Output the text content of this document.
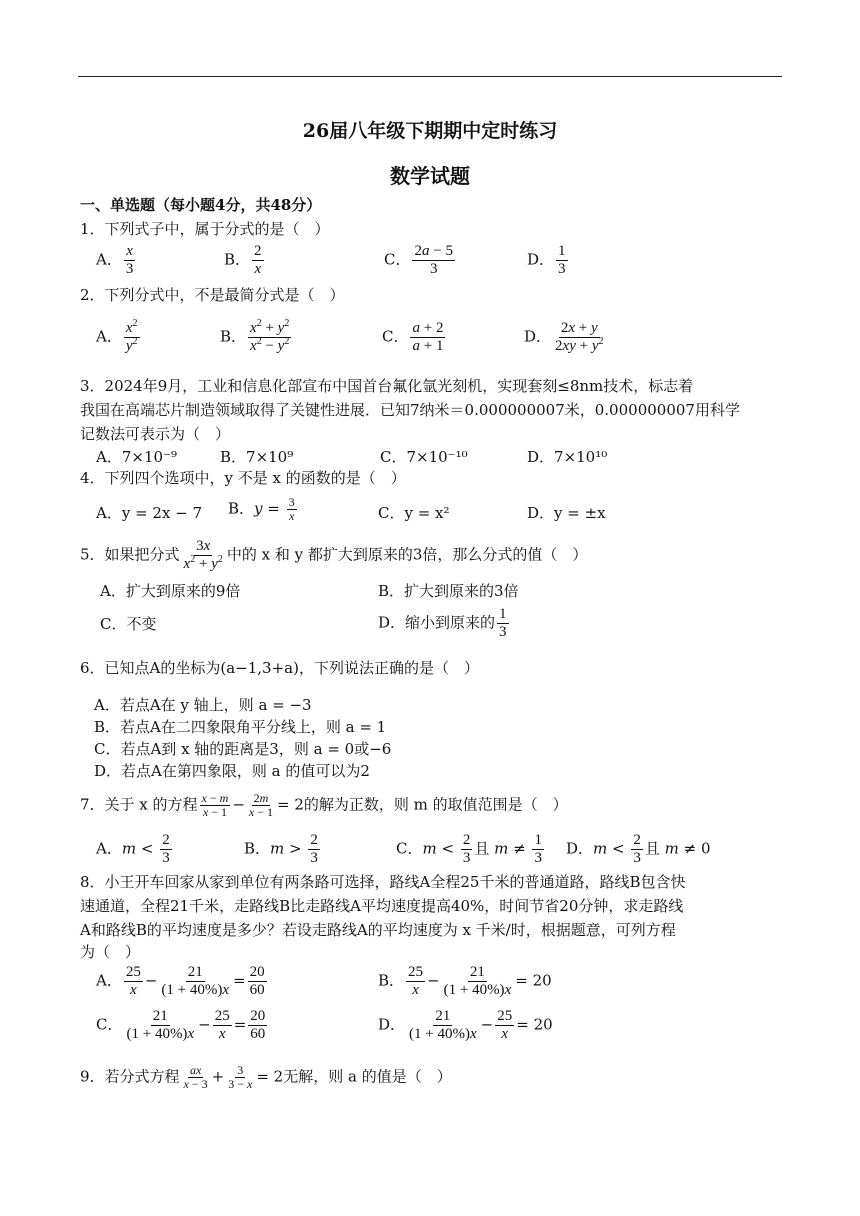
26届八年级下期期中定时练习
数学试题
一、单选题（每小题4分，共48分）
1．下列式子中，属于分式的是（　）
A． $\frac{x}{3}$	B． $\frac{2}{x}$	C． $\frac{2a - 5}{3}$	D． $\frac{1}{3}$
2．下列分式中，不是最简分式是（　）
A． $\frac{x^2}{y^2}$	B． $\frac{x^2 + y^2}{x^2 - y^2}$	C． $\frac{a + 2}{a + 1}$	D． $\frac{2x + y}{2xy + y^2}$
3．2024年9月，工业和信息化部宣布中国首台氟化氩光刻机，实现套刻≤8nm技术，标志着
我国在高端芯片制造领域取得了关键性进展．已知7纳米＝0.000000007米，0.000000007用科学
记数法可表示为（　）
A．7×10⁻⁹	B．7×10⁹	C．7×10⁻¹⁰	D．7×10¹⁰
4．下列四个选项中，y 不是 x 的函数的是（　）
A．y = 2x − 7 B．$y = \frac{3}{x}$	C．y = x²	D．y = ±x
5．如果把分式 $\frac{3x}{x^2 + y^2}$ 中的 x 和 y 都扩大到原来的3倍，那么分式的值（　）
A．扩大到原来的9倍	B．扩大到原来的3倍
C．不变	D．缩小到原来的 $\frac{1}{3}$
6．已知点A的坐标为(a−1,3+a)，下列说法正确的是（　）
A．若点A在 y 轴上，则 a = −3
B．若点A在二四象限角平分线上，则 a = 1
C．若点A到 x 轴的距离是3，则 a = 0或−6
D．若点A在第四象限，则 a 的值可以为2
7．关于 x 的方程 $\frac{x - m}{x - 1} - \frac{2m}{x - 1} = 2$的解为正数，则 m 的取值范围是（　）
A．$m < \frac{2}{3}$	B．$m > \frac{2}{3}$	C．$m < \frac{2}{3}$ 且 $m \ne \frac{1}{3}$ D．$m < \frac{2}{3}$ 且 m ≠ 0
8．小王开车回家从家到单位有两条路可选择，路线A全程25千米的普通道路，路线B包含快
速通道，全程21千米，走路线B比走路线A平均速度提高40%，时间节省20分钟，求走路线
A和路线B的平均速度是多少？若设走路线A的平均速度为 x 千米/时，根据题意，可列方程
为（　）
A． $\frac{25}{x} - \frac{21}{(1 + 40\%)x} = \frac{20}{60}$	B． $\frac{25}{x} - \frac{21}{(1 + 40\%)x} = 20$
C． $\frac{21}{(1 + 40\%)x} - \frac{25}{x} = \frac{20}{60}$	D． $\frac{21}{(1 + 40\%)x} - \frac{25}{x} = 20$
9．若分式方程 $\frac{ax}{x - 3} + \frac{3}{3 - x} = 2$无解，则 a 的值是（　）
